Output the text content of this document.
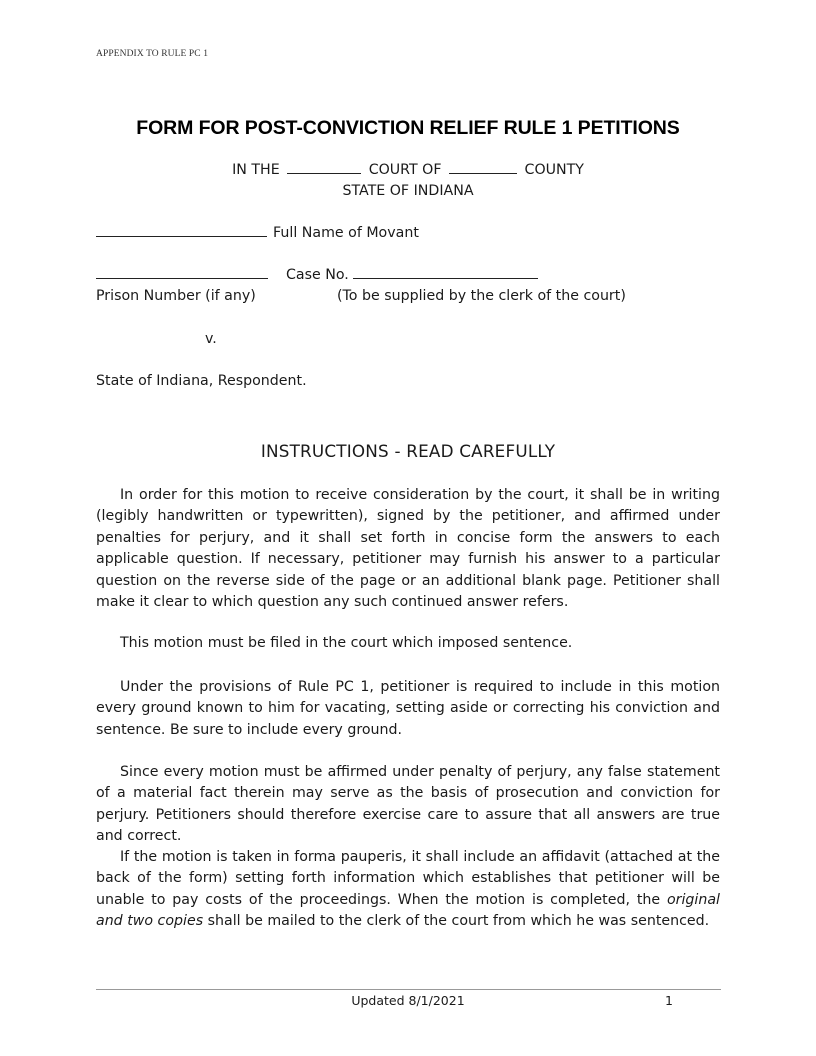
APPENDIX TO RULE PC 1
FORM FOR POST-CONVICTION RELIEF RULE 1 PETITIONS
IN THE	COURT OF	COUNTY
STATE OF INDIANA
Full Name of Movant
Case No.
Prison Number (if any)	(To be supplied by the clerk of the court)
v.
State of Indiana, Respondent.
INSTRUCTIONS - READ CAREFULLY

In order for this motion to receive consideration by the court, it shall be in writing (legibly handwritten or typewritten), signed by the petitioner, and affirmed under penalties for perjury, and it shall set forth in concise form the answers to each applicable question. If necessary, petitioner may furnish his answer to a particular question on the reverse side of the page or an additional blank page. Petitioner shall make it clear to which question any such continued answer refers.

This motion must be filed in the court which imposed sentence.

Under the provisions of Rule PC 1, petitioner is required to include in this motion every ground known to him for vacating, setting aside or correcting his conviction and sentence. Be sure to include every ground.

Since every motion must be affirmed under penalty of perjury, any false statement of a material fact therein may serve as the basis of prosecution and conviction for perjury. Petitioners should therefore exercise care to assure that all answers are true and correct.

If the motion is taken in forma pauperis, it shall include an affidavit (attached at the back of the form) setting forth information which establishes that petitioner will be unable to pay costs of the proceedings. When the motion is completed, the original and two copies shall be mailed to the clerk of the court from which he was sentenced.

Updated 8/1/2021	1
